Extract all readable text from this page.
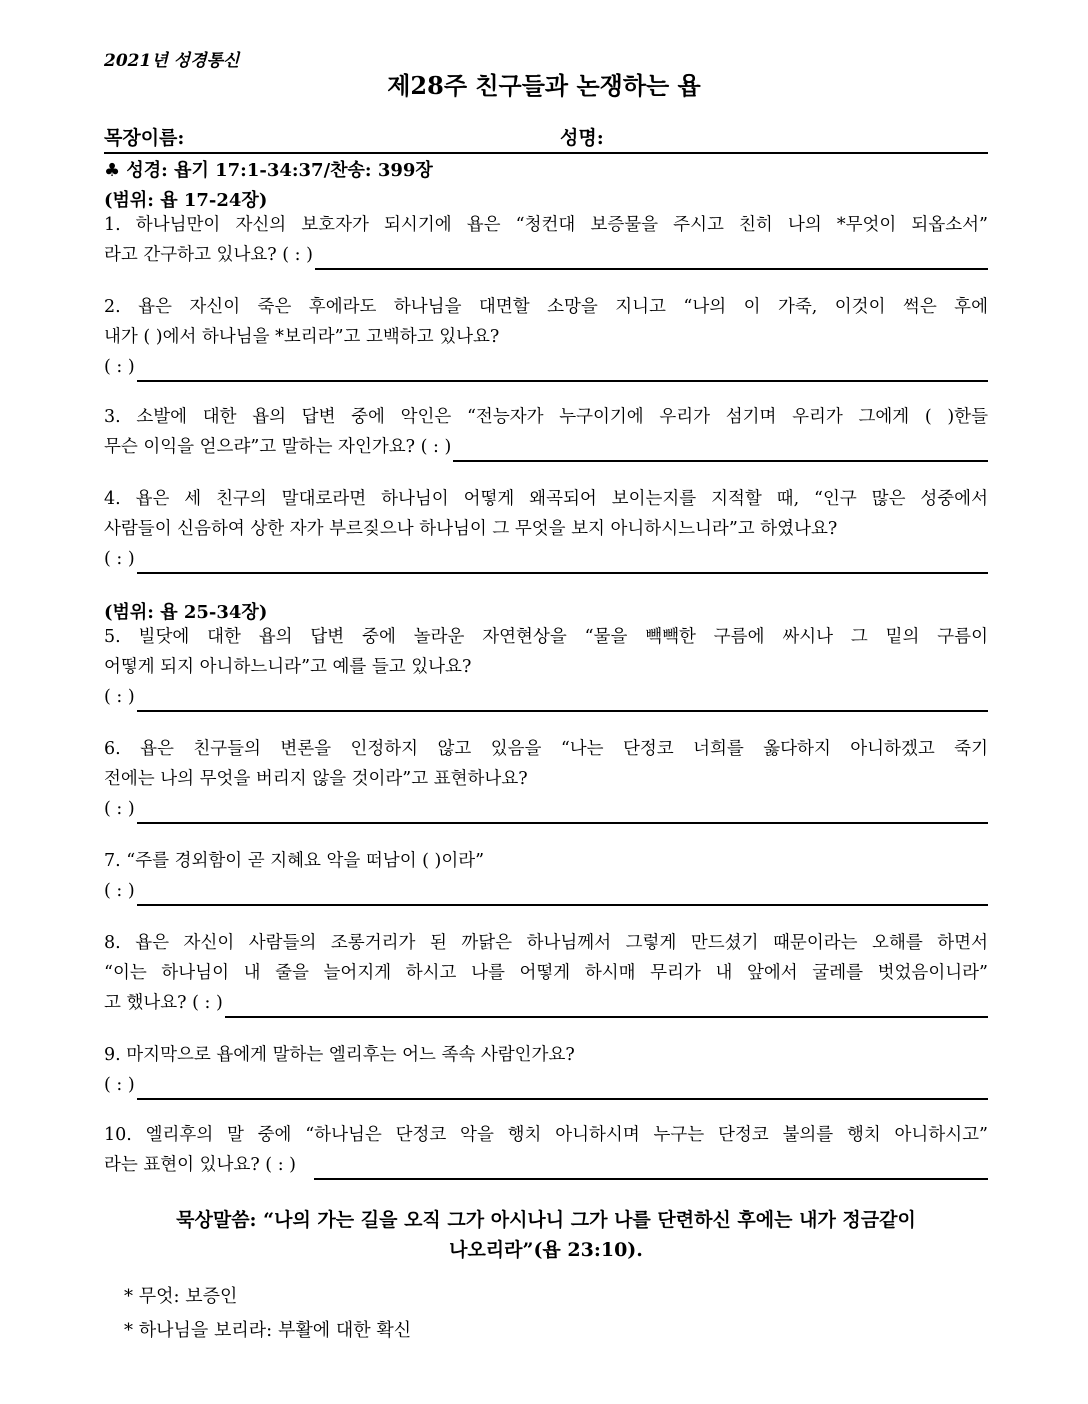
2021년 성경통신
제28주 친구들과 논쟁하는 욥
목장이름:	성명:
♣ 성경: 욥기 17:1-34:37/찬송: 399장
(범위: 욥 17-24장)
1. 하나님만이 자신의 보호자가 되시기에 욥은 “청컨대 보증물을 주시고 친히 나의 *무엇이 되옵소서”
라고 간구하고 있나요? ( : )
2. 욥은 자신이 죽은 후에라도 하나님을 대면할 소망을 지니고 “나의 이 가죽, 이것이 썩은 후에
내가 ( )에서 하나님을 *보리라”고 고백하고 있나요?
( : )
3. 소발에 대한 욥의 답변 중에 악인은 “전능자가 누구이기에 우리가 섬기며 우리가 그에게 ( )한들
무슨 이익을 얻으랴”고 말하는 자인가요? ( : )
4. 욥은 세 친구의 말대로라면 하나님이 어떻게 왜곡되어 보이는지를 지적할 때, “인구 많은 성중에서
사람들이 신음하여 상한 자가 부르짖으나 하나님이 그 무엇을 보지 아니하시느니라”고 하였나요?
( : )
(범위: 욥 25-34장)
5. 빌닷에 대한 욥의 답변 중에 놀라운 자연현상을 “물을 빽빽한 구름에 싸시나 그 밑의 구름이
어떻게 되지 아니하느니라”고 예를 들고 있나요?
( : )
6. 욥은 친구들의 변론을 인정하지 않고 있음을 “나는 단정코 너희를 옳다하지 아니하겠고 죽기
전에는 나의 무엇을 버리지 않을 것이라”고 표현하나요?
( : )
7. “주를 경외함이 곧 지혜요 악을 떠남이 ( )이라”
( : )
8. 욥은 자신이 사람들의 조롱거리가 된 까닭은 하나님께서 그렇게 만드셨기 때문이라는 오해를 하면서
“이는 하나님이 내 줄을 늘어지게 하시고 나를 어떻게 하시매 무리가 내 앞에서 굴레를 벗었음이니라”
고 했나요? ( : )
9. 마지막으로 욥에게 말하는 엘리후는 어느 족속 사람인가요?
( : )
10. 엘리후의 말 중에 “하나님은 단정코 악을 행치 아니하시며 누구는 단정코 불의를 행치 아니하시고”
라는 표현이 있나요? ( : )
묵상말씀: “나의 가는 길을 오직 그가 아시나니 그가 나를 단련하신 후에는 내가 정금같이
나오리라”(욥 23:10).
* 무엇: 보증인
* 하나님을 보리라: 부활에 대한 확신
